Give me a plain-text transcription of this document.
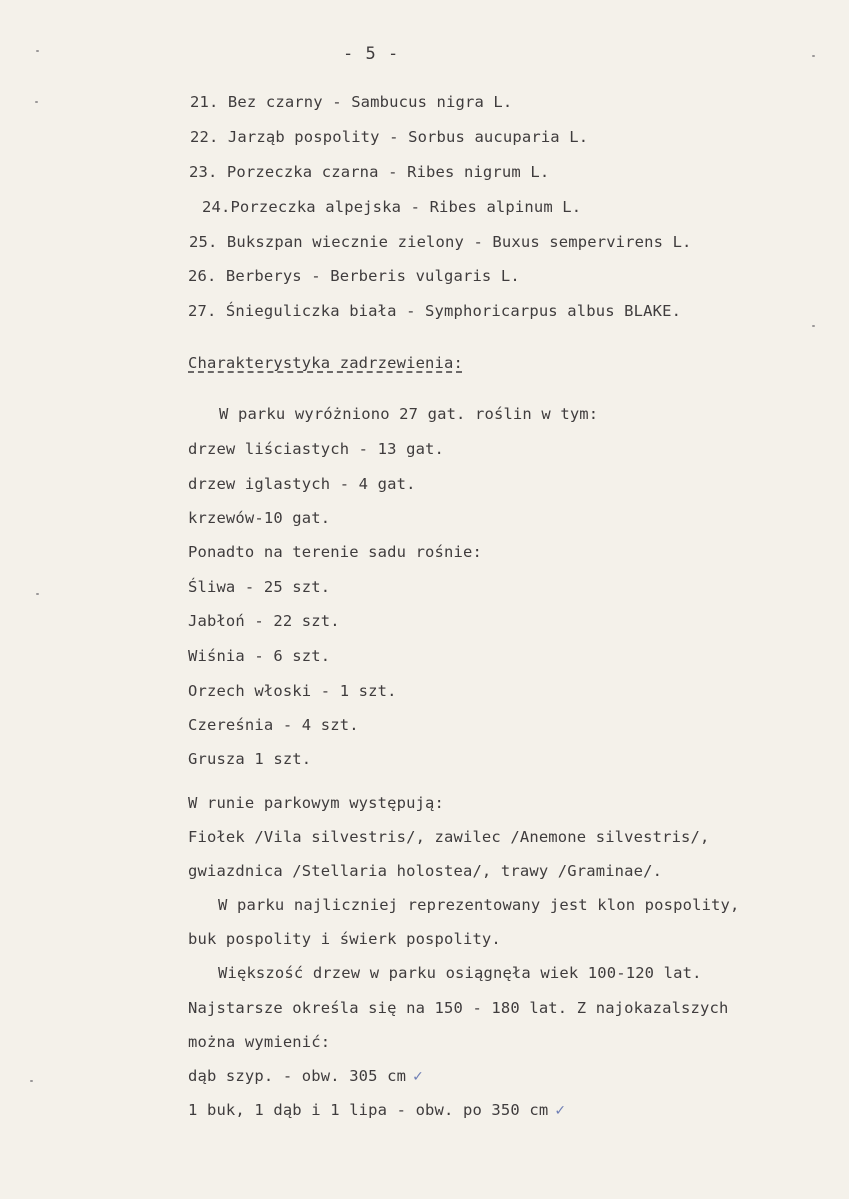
- 5 -
21. Bez czarny - Sambucus nigra L.
22. Jarząb pospolity - Sorbus aucuparia L.
23. Porzeczka czarna - Ribes nigrum L.
24.Porzeczka alpejska - Ribes alpinum L.
25. Bukszpan wiecznie zielony - Buxus sempervirens L.
26. Berberys - Berberis vulgaris L.
27. Śnieguliczka biała - Symphoricarpus albus BLAKE.
Charakterystyka zadrzewienia:
W parku wyróżniono 27 gat. roślin w tym:
drzew liściastych - 13 gat.
drzew iglastych - 4 gat.
krzewów-10 gat.
Ponadto na terenie sadu rośnie:
Śliwa - 25 szt.
Jabłoń - 22 szt.
Wiśnia - 6 szt.
Orzech włoski - 1 szt.
Czereśnia - 4 szt.
Grusza 1 szt.
W runie parkowym występują:
Fiołek /Vila silvestris/, zawilec /Anemone silvestris/,
gwiazdnica /Stellaria holostea/, trawy /Graminae/.
W parku najliczniej reprezentowany jest klon pospolity,
buk pospolity i świerk pospolity.
Większość drzew w parku osiągnęła wiek 100-120 lat.
Najstarsze określa się na 150 - 180 lat. Z najokazalszych
można wymienić:
dąb szyp. - obw. 305 cm ✓
1 buk, 1 dąb i 1 lipa - obw. po 350 cm ✓
